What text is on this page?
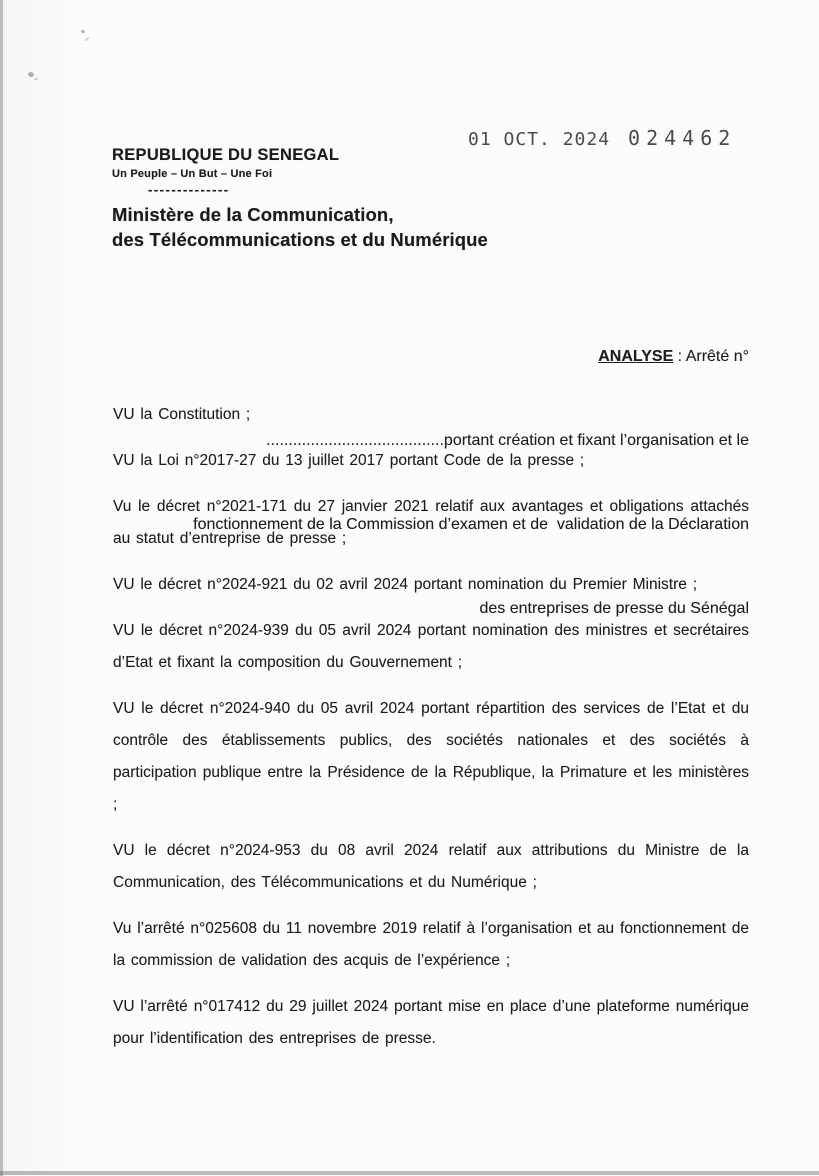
01 OCT. 2024 024462
REPUBLIQUE DU SENEGAL
Un Peuple – Un But – Une Foi
--------------
Ministère de la Communication,
des Télécommunications et du Numérique

ANALYSE : Arrêté n°

........................................portant création et fixant l’organisation et le

fonctionnement de la Commission d’examen et de  validation de la Déclaration

des entreprises de presse du Sénégal

VU la Constitution ;

VU la Loi n°2017-27 du 13 juillet 2017 portant Code de la presse ;

Vu le décret n°2021-171 du 27 janvier 2021 relatif aux avantages et obligations attachés au statut d’entreprise de presse ;

VU le décret n°2024-921 du 02 avril 2024 portant nomination du Premier Ministre ;

VU le décret n°2024-939 du 05 avril 2024 portant nomination des ministres et secrétaires d’Etat et fixant la composition du Gouvernement ;

VU le décret n°2024-940 du 05 avril 2024 portant répartition des services de l’Etat et du contrôle des établissements publics, des sociétés nationales et des sociétés à participation publique entre la Présidence de la République, la Primature et les ministères ;

VU le décret n°2024-953 du 08 avril 2024 relatif aux attributions du Ministre de la Communication, des Télécommunications et du Numérique ;

Vu l’arrêté n°025608 du 11 novembre 2019 relatif à l’organisation et au fonctionnement de la commission de validation des acquis de l’expérience ;

VU l’arrêté n°017412 du 29 juillet 2024 portant mise en place d’une plateforme numérique pour l’identification des entreprises de presse.
